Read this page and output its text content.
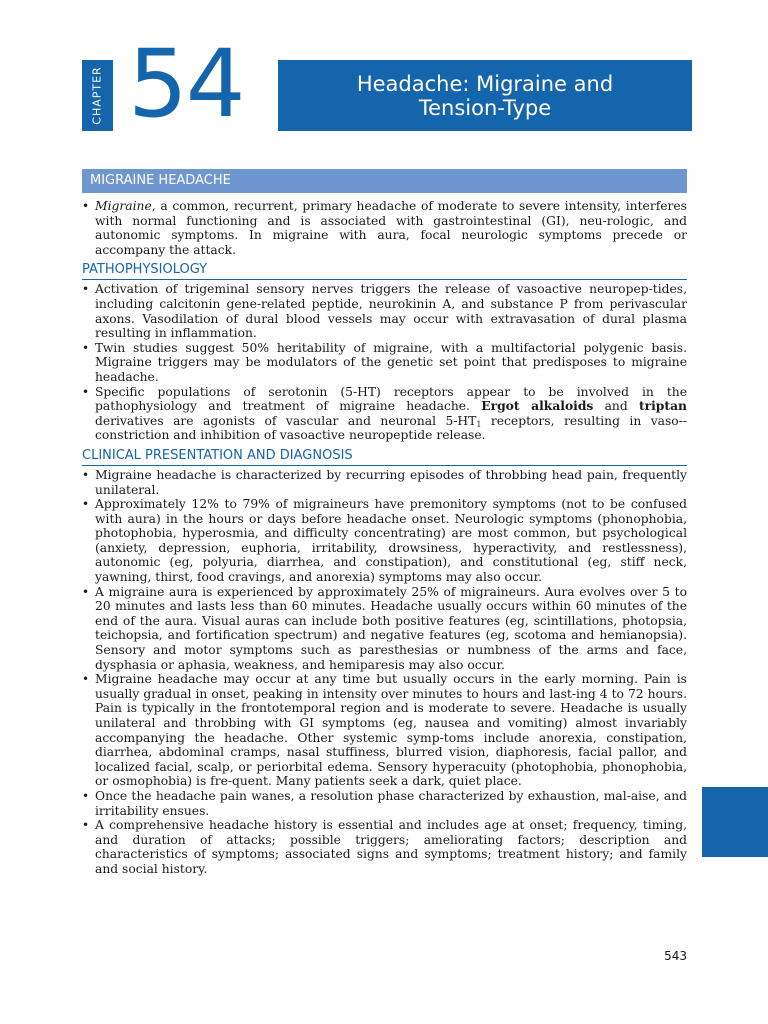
CHAPTER 54	Headache: Migraine and
Tension-Type
MIGRAINE HEADACHE
• Migraine, a common, recurrent, primary headache of moderate to severe intensity, interferes with normal functioning and is associated with gastrointestinal (GI), neu-rologic, and autonomic symptoms. In migraine with aura, focal neurologic symptoms precede or accompany the attack.
PATHOPHYSIOLOGY
• Activation of trigeminal sensory nerves triggers the release of vasoactive neuropep-tides, including calcitonin gene-related peptide, neurokinin A, and substance P from perivascular axons. Vasodilation of dural blood vessels may occur with extravasation of dural plasma resulting in inflammation.
• Twin studies suggest 50% heritability of migraine, with a multifactorial polygenic basis. Migraine triggers may be modulators of the genetic set point that predisposes to migraine headache.
• Specific populations of serotonin (5-HT) receptors appear to be involved in the pathophysiology and treatment of migraine headache. Ergot alkaloids and triptan derivatives are agonists of vascular and neuronal $5-HT_1$ receptors, resulting in vaso-constriction and inhibition of vasoactive neuropeptide release.
CLINICAL PRESENTATION AND DIAGNOSIS
• Migraine headache is characterized by recurring episodes of throbbing head pain, frequently unilateral.
• Approximately 12% to 79% of migraineurs have premonitory symptoms (not to be confused with aura) in the hours or days before headache onset. Neurologic symptoms (phonophobia, photophobia, hyperosmia, and difficulty concentrating) are most common, but psychological (anxiety, depression, euphoria, irritability, drowsiness, hyperactivity, and restlessness), autonomic (eg, polyuria, diarrhea, and constipation), and constitutional (eg, stiff neck, yawning, thirst, food cravings, and anorexia) symptoms may also occur.
• A migraine aura is experienced by approximately 25% of migraineurs. Aura evolves over 5 to 20 minutes and lasts less than 60 minutes. Headache usually occurs within 60 minutes of the end of the aura. Visual auras can include both positive features (eg, scintillations, photopsia, teichopsia, and fortification spectrum) and negative features (eg, scotoma and hemianopsia). Sensory and motor symptoms such as paresthesias or numbness of the arms and face, dysphasia or aphasia, weakness, and hemiparesis may also occur.
• Migraine headache may occur at any time but usually occurs in the early morning. Pain is usually gradual in onset, peaking in intensity over minutes to hours and last-ing 4 to 72 hours. Pain is typically in the frontotemporal region and is moderate to severe. Headache is usually unilateral and throbbing with GI symptoms (eg, nausea and vomiting) almost invariably accompanying the headache. Other systemic symp-toms include anorexia, constipation, diarrhea, abdominal cramps, nasal stuffiness, blurred vision, diaphoresis, facial pallor, and localized facial, scalp, or periorbital edema. Sensory hyperacuity (photophobia, phonophobia, or osmophobia) is fre-quent. Many patients seek a dark, quiet place.
• Once the headache pain wanes, a resolution phase characterized by exhaustion, mal-aise, and irritability ensues.
• A comprehensive headache history is essential and includes age at onset; frequency, timing, and duration of attacks; possible triggers; ameliorating factors; description and characteristics of symptoms; associated signs and symptoms; treatment history; and family and social history.
543
